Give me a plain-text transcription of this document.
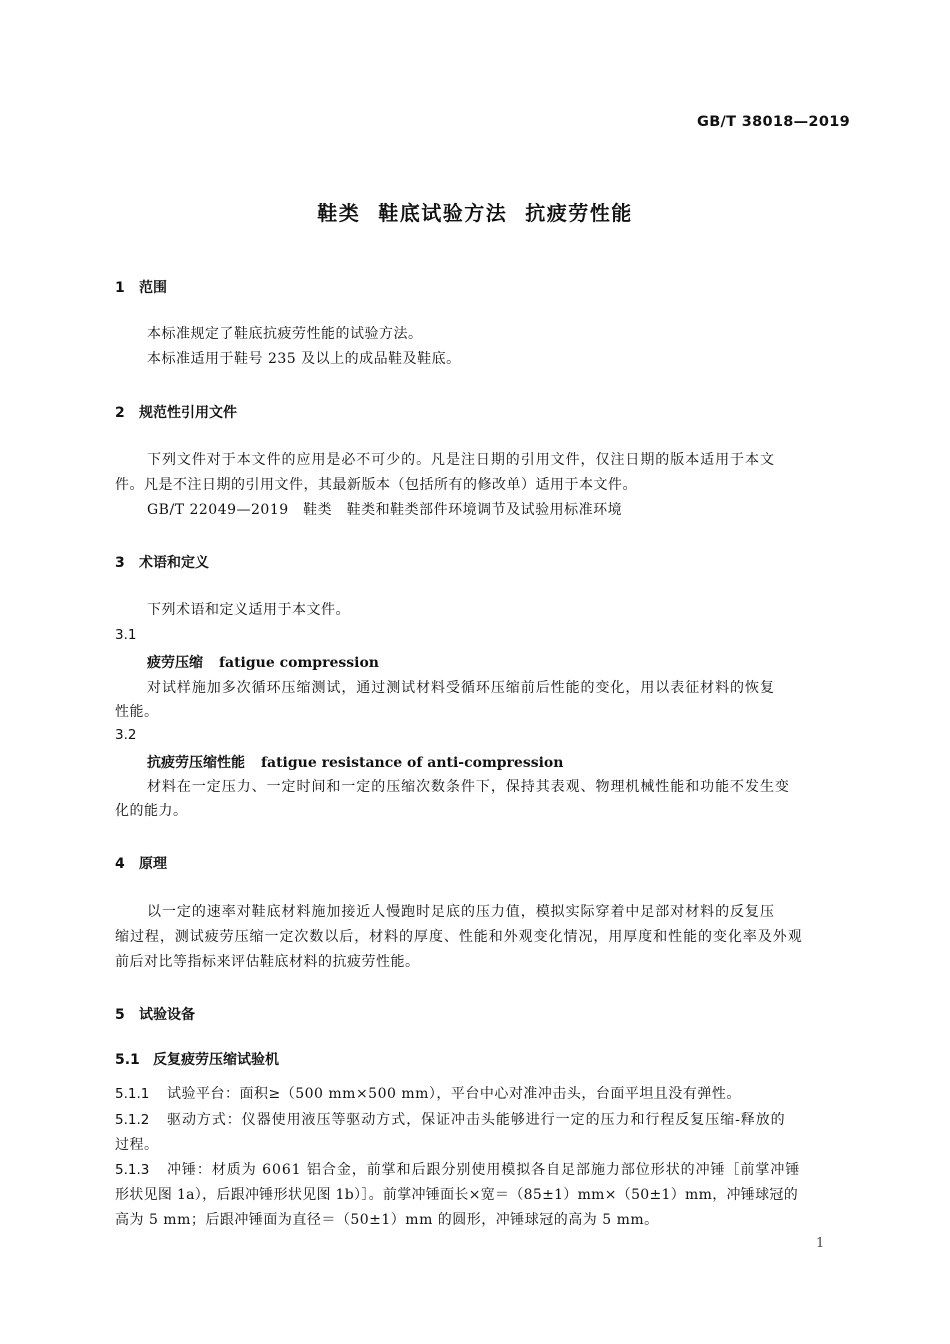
GB/T 38018—2019
鞋类 鞋底试验方法 抗疲劳性能
1 范围
本标准规定了鞋底抗疲劳性能的试验方法。
本标准适用于鞋号 235 及以上的成品鞋及鞋底。
2 规范性引用文件
下列文件对于本文件的应用是必不可少的。凡是注日期的引用文件，仅注日期的版本适用于本文
件。凡是不注日期的引用文件，其最新版本（包括所有的修改单）适用于本文件。
GB/T 22049—2019　鞋类　鞋类和鞋类部件环境调节及试验用标准环境
3 术语和定义
下列术语和定义适用于本文件。
3.1
疲劳压缩 fatigue compression
对试样施加多次循环压缩测试，通过测试材料受循环压缩前后性能的变化，用以表征材料的恢复
性能。
3.2
抗疲劳压缩性能 fatigue resistance of anti-compression
材料在一定压力、一定时间和一定的压缩次数条件下，保持其表观、物理机械性能和功能不发生变
化的能力。
4 原理
以一定的速率对鞋底材料施加接近人慢跑时足底的压力值，模拟实际穿着中足部对材料的反复压
缩过程，测试疲劳压缩一定次数以后，材料的厚度、性能和外观变化情况，用厚度和性能的变化率及外观
前后对比等指标来评估鞋底材料的抗疲劳性能。
5 试验设备
5.1 反复疲劳压缩试验机
5.1.1 试验平台：面积≥（500 mm×500 mm），平台中心对准冲击头，台面平坦且没有弹性。
5.1.2 驱动方式：仪器使用液压等驱动方式，保证冲击头能够进行一定的压力和行程反复压缩-释放的
过程。
5.1.3 冲锤：材质为 6061 铝合金，前掌和后跟分别使用模拟各自足部施力部位形状的冲锤［前掌冲锤
形状见图 1a），后跟冲锤形状见图 1b）］。前掌冲锤面长×宽＝（85±1）mm×（50±1）mm，冲锤球冠的
高为 5 mm；后跟冲锤面为直径＝（50±1）mm 的圆形，冲锤球冠的高为 5 mm。
1
